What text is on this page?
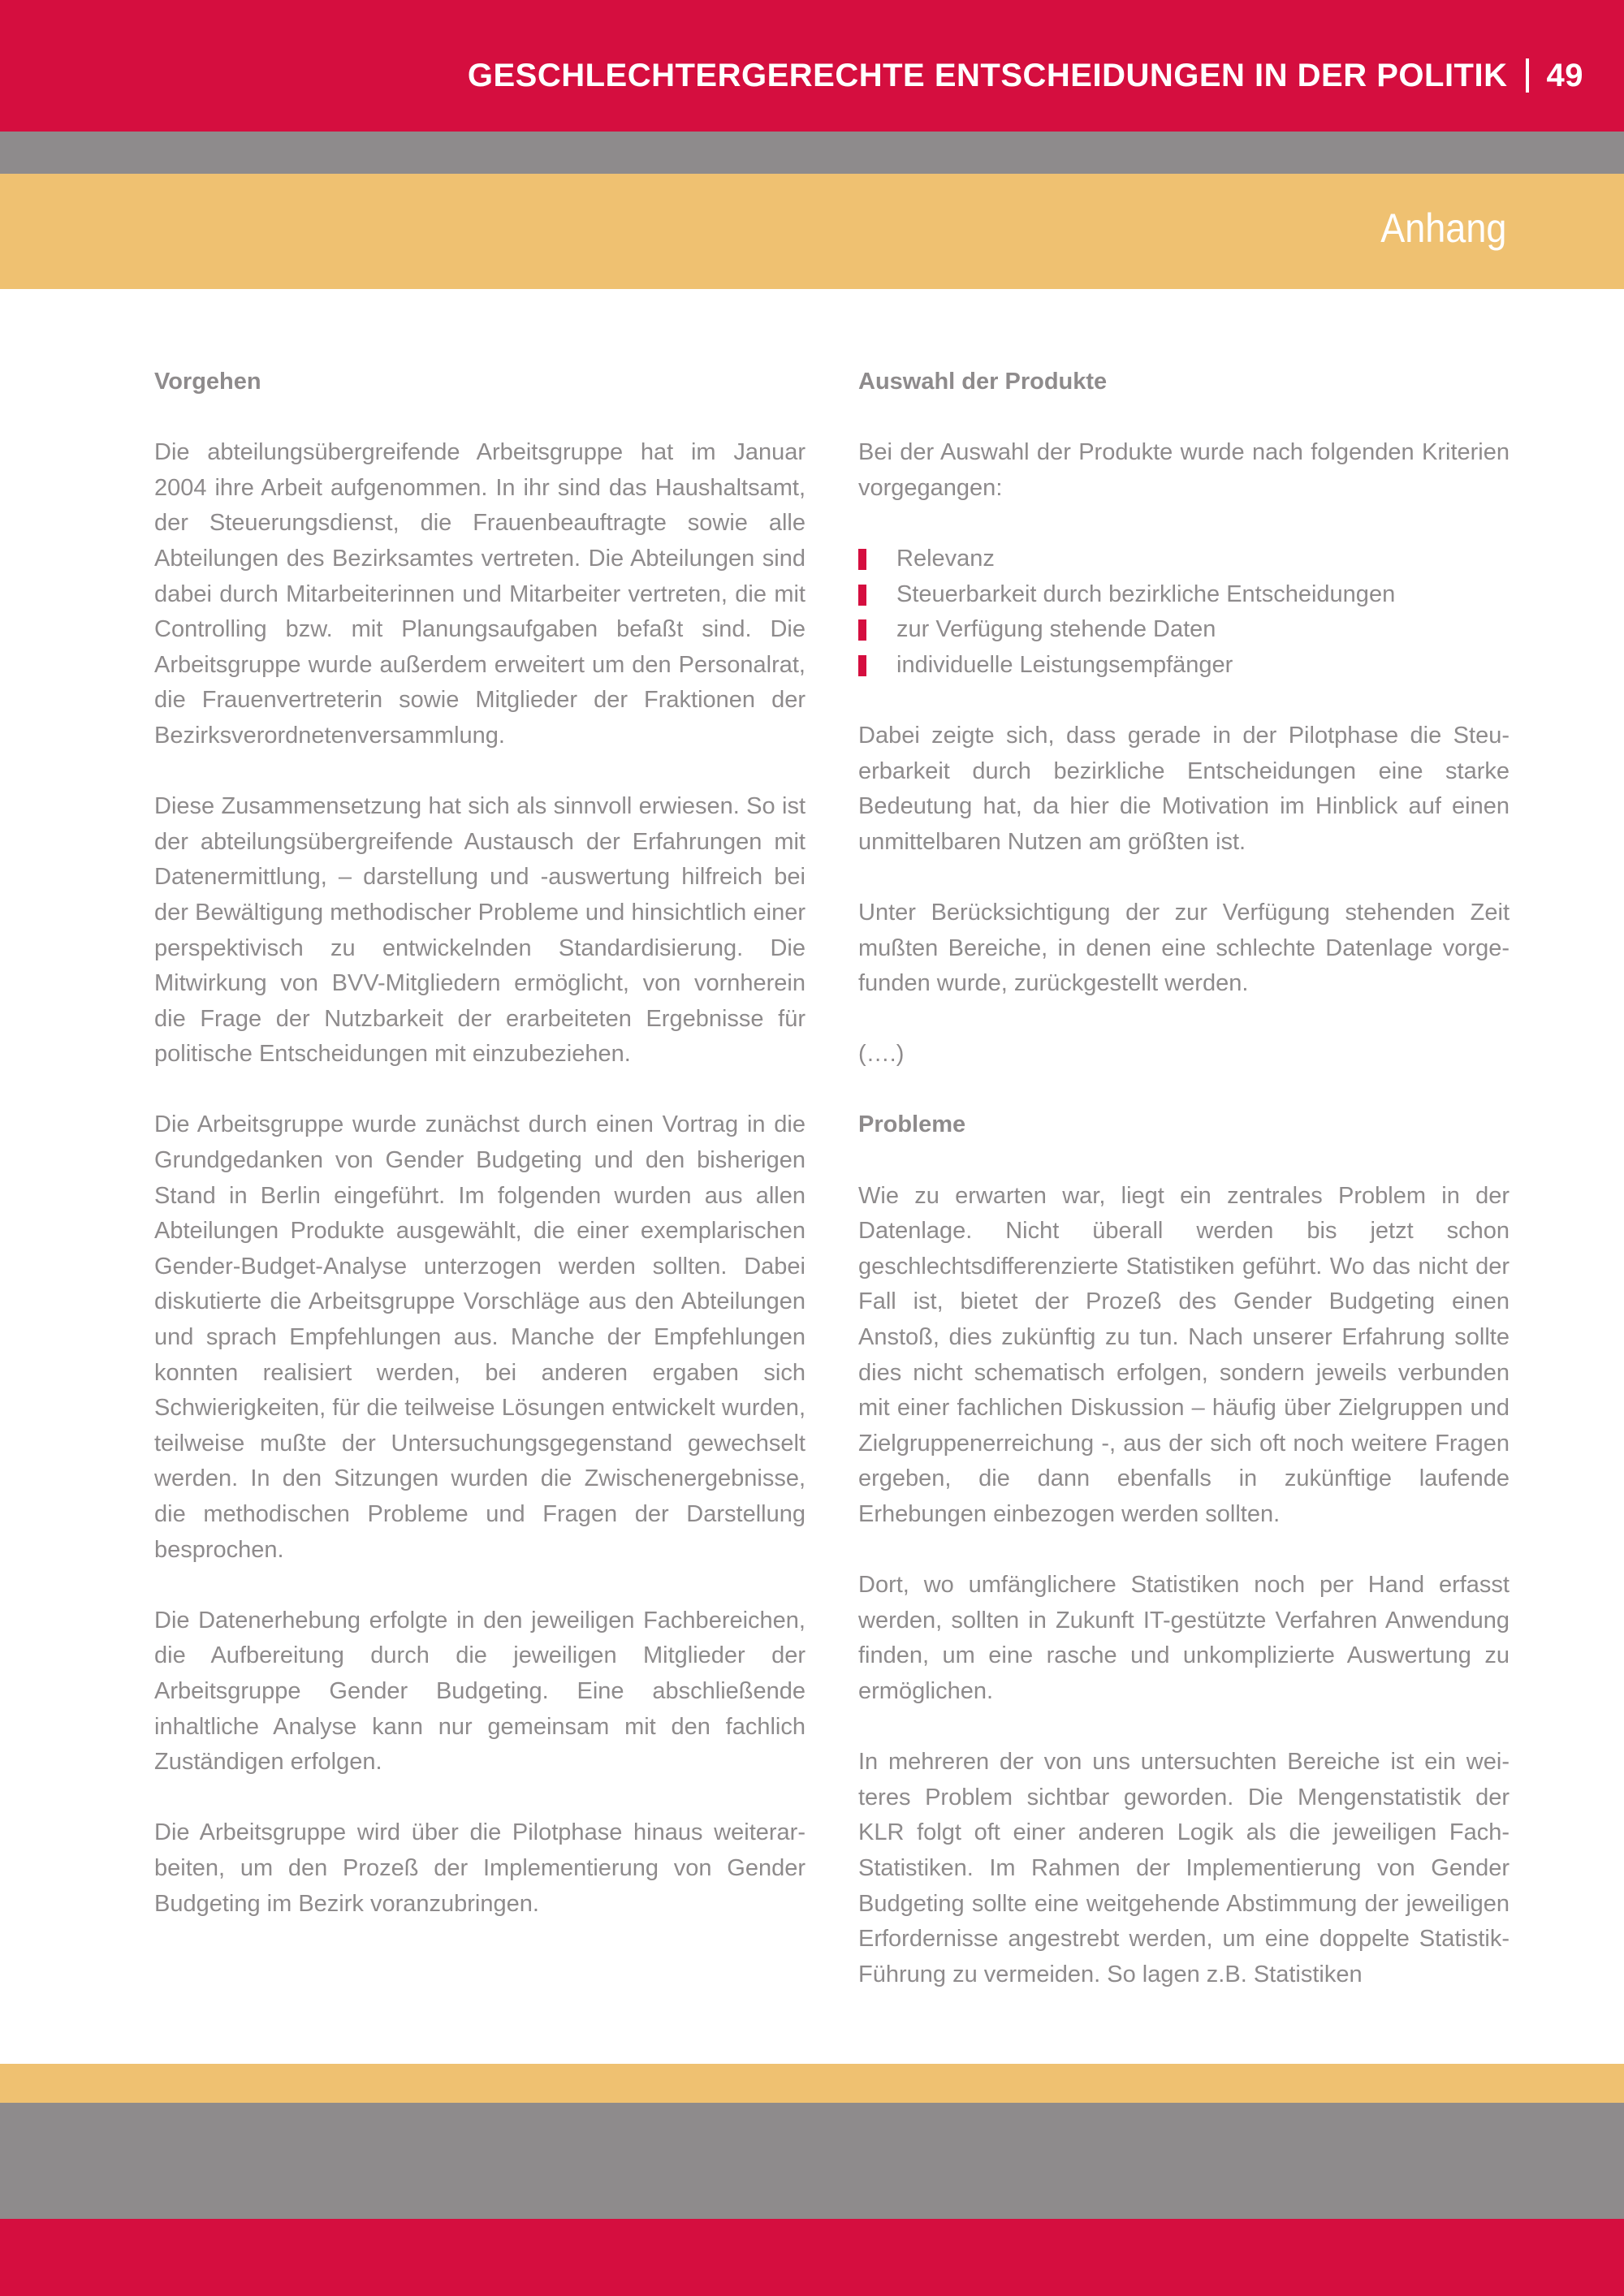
GESCHLECHTERGERECHTE ENTSCHEIDUNGEN IN DER POLITIK 49
Anhang
Vorgehen

Die abteilungsübergreifende Arbeitsgruppe hat im Januar 2004 ihre Arbeit aufgenommen. In ihr sind das Haushaltsamt, der Steuerungsdienst, die Frauenbeauftragte sowie alle Abteilungen des Bezirksamtes vertreten. Die Abteilungen sind dabei durch Mitarbeiterinnen und Mitarbeiter vertreten, die mit Controlling bzw. mit Planungsaufgaben befaßt sind. Die Arbeitsgruppe wurde außerdem erweitert um den Personalrat, die Frauenvertreterin sowie Mitglieder der Fraktionen der Bezirksverordnetenversammlung.

Diese Zusammensetzung hat sich als sinnvoll erwiesen. So ist der abteilungsübergreifende Austausch der Erfahrungen mit Datenermittlung, – darstellung und -auswertung hilfreich bei der Bewältigung methodischer Probleme und hinsichtlich einer perspektivisch zu entwickelnden Standardisierung. Die Mitwirkung von BVV-Mitgliedern ermöglicht, von vornherein die Frage der Nutzbarkeit der erarbeiteten Ergebnisse für politische Entscheidungen mit einzubeziehen.

Die Arbeitsgruppe wurde zunächst durch einen Vortrag in die Grundgedanken von Gender Budgeting und den bisherigen Stand in Berlin eingeführt. Im folgenden wurden aus allen Abteilungen Produkte ausgewählt, die einer exemplarischen Gender-Budget-Analyse unterzogen werden sollten. Dabei diskutierte die Arbeitsgruppe Vorschläge aus den Abteilungen und sprach Empfehlungen aus. Manche der Empfehlungen konnten realisiert werden, bei anderen ergaben sich Schwierigkeiten, für die teilweise Lösungen entwickelt wurden, teilweise mußte der Untersuchungsgegenstand gewechselt werden. In den Sitzungen wurden die Zwischenergebnisse, die methodischen Probleme und Fragen der Darstellung besprochen.

Die Datenerhebung erfolgte in den jeweiligen Fachbereichen, die Aufbereitung durch die jeweiligen Mitglieder der Arbeitsgruppe Gender Budgeting. Eine abschließende inhaltliche Analyse kann nur gemeinsam mit den fachlich Zuständigen erfolgen.

Die Arbeitsgruppe wird über die Pilotphase hinaus weiterarbeiten, um den Prozeß der Implementierung von Gender Budgeting im Bezirk voranzubringen.

Auswahl der Produkte

Bei der Auswahl der Produkte wurde nach folgenden Kriterien vorgegangen:

Relevanz
Steuerbarkeit durch bezirkliche Entscheidungen
zur Verfügung stehende Daten
individuelle Leistungsempfänger

Dabei zeigte sich, dass gerade in der Pilotphase die Steuerbarkeit durch bezirkliche Entscheidungen eine starke Bedeutung hat, da hier die Motivation im Hinblick auf einen unmittelbaren Nutzen am größten ist.

Unter Berücksichtigung der zur Verfügung stehenden Zeit mußten Bereiche, in denen eine schlechte Datenlage vorgefunden wurde, zurückgestellt werden.

(….)

Probleme

Wie zu erwarten war, liegt ein zentrales Problem in der Datenlage. Nicht überall werden bis jetzt schon geschlechtsdifferenzierte Statistiken geführt. Wo das nicht der Fall ist, bietet der Prozeß des Gender Budgeting einen Anstoß, dies zukünftig zu tun. Nach unserer Erfahrung sollte dies nicht schematisch erfolgen, sondern jeweils verbunden mit einer fachlichen Diskussion – häufig über Zielgruppen und Zielgruppenerreichung -, aus der sich oft noch weitere Fragen ergeben, die dann ebenfalls in zukünftige laufende Erhebungen einbezogen werden sollten.

Dort, wo umfänglichere Statistiken noch per Hand erfasst werden, sollten in Zukunft IT-gestützte Verfahren Anwendung finden, um eine rasche und unkomplizierte Auswertung zu ermöglichen.

In mehreren der von uns untersuchten Bereiche ist ein weiteres Problem sichtbar geworden. Die Mengenstatistik der KLR folgt oft einer anderen Logik als die jeweiligen Fach-Statistiken. Im Rahmen der Implementierung von Gender Budgeting sollte eine weitgehende Abstimmung der jeweiligen Erfordernisse angestrebt werden, um eine doppelte Statistik-Führung zu vermeiden. So lagen z.B. Statistiken
